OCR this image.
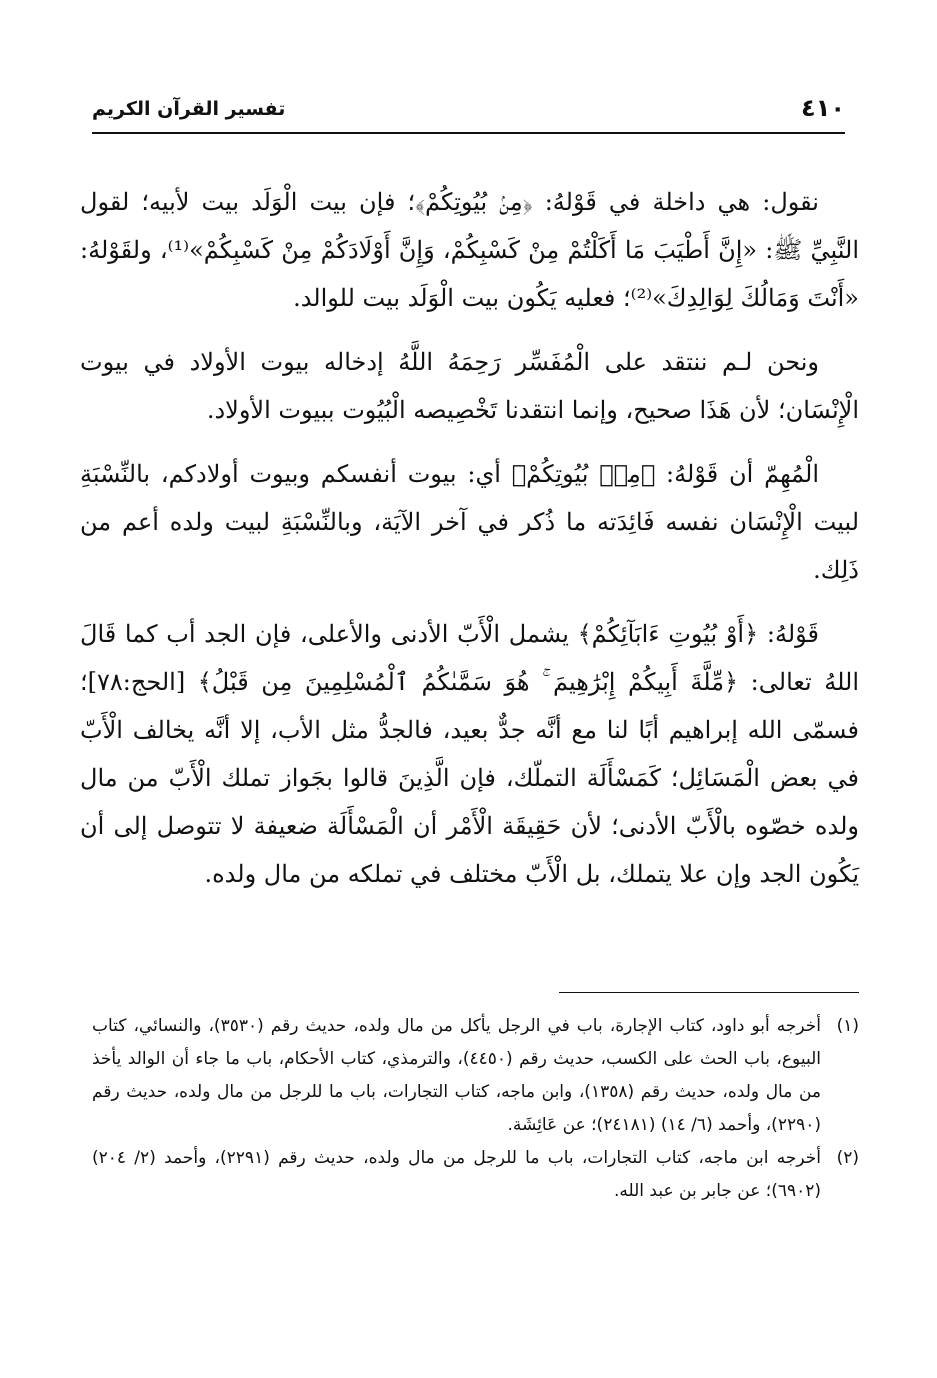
٤١٠
تفسير القرآن الكريم

نقول: هي داخلة في قَوْلهُ: ﴿مِنۢ بُيُوتِكُمْ﴾؛ فإن بيت الْوَلَد بيت لأبيه؛ لقول النَّبِيِّ ﷺ: «إِنَّ أَطْيَبَ مَا أَكَلْتُمْ مِنْ كَسْبِكُمْ، وَإِنَّ أَوْلَادَكُمْ مِنْ كَسْبِكُمْ»⁽¹⁾، ولقَوْلهُ: «أَنْتَ وَمَالُكَ لِوَالِدِكَ»⁽²⁾؛ فعليه يَكُون بيت الْوَلَد بيت للوالد.

ونحن لـم ننتقد على الْمُفَسِّر رَحِمَهُ اللَّهُ إدخاله بيوت الأولاد في بيوت الْإِنْسَان؛ لأن هَذَا صحيح، وإنما انتقدنا تَخْصِيصه الْبُيُوت ببيوت الأولاد.

الْمُهِمّ أن قَوْلهُ: ﴿مِنۢ بُيُوتِكُمْ﴾ أي: بيوت أنفسكم وبيوت أولادكم، بالنِّسْبَةِ لبيت الْإِنْسَان نفسه فَائِدَته ما ذُكر في آخر الآيَة، وبالنِّسْبَةِ لبيت ولده أعم من ذَلِك.

قَوْلهُ: ﴿أَوْ بُيُوتِ ءَابَآئِكُمْ﴾ يشمل الْأَبّ الأدنى والأعلى، فإن الجد أب كما قَالَ اللهُ تعالى: ﴿مِّلَّةَ أَبِيكُمْ إِبْرَٰهِيمَ ۚ هُوَ سَمَّىٰكُمُ ٱلْمُسْلِمِينَ مِن قَبْلُ﴾ [الحج:٧٨]؛ فسمّى الله إبراهيم أبًا لنا مع أنَّه جدٌّ بعيد، فالجدُّ مثل الأب، إلا أنَّه يخالف الْأَبّ في بعض الْمَسَائِل؛ كَمَسْأَلَة التملّك، فإن الَّذِينَ قالوا بجَواز تملك الْأَبّ من مال ولده خصّوه بالْأَبّ الأدنى؛ لأن حَقِيقَة الْأَمْر أن الْمَسْأَلَة ضعيفة لا تتوصل إلى أن يَكُون الجد وإن علا يتملك، بل الْأَبّ مختلف في تملكه من مال ولده.

(١)
أخرجه أبو داود، كتاب الإجارة، باب في الرجل يأكل من مال ولده، حديث رقم (٣٥٣٠)، والنسائي، كتاب البيوع، باب الحث على الكسب، حديث رقم (٤٤٥٠)، والترمذي، كتاب الأحكام، باب ما جاء أن الوالد يأخذ من مال ولده، حديث رقم (١٣٥٨)، وابن ماجه، كتاب التجارات، باب ما للرجل من مال ولده، حديث رقم (٢٢٩٠)، وأحمد (٦/ ١٤) (٢٤١٨١)؛ عن عَائِشَة.

(٢)
أخرجه ابن ماجه، كتاب التجارات، باب ما للرجل من مال ولده، حديث رقم (٢٢٩١)، وأحمد (٢/ ٢٠٤) (٦٩٠٢)؛ عن جابر بن عبد الله.
